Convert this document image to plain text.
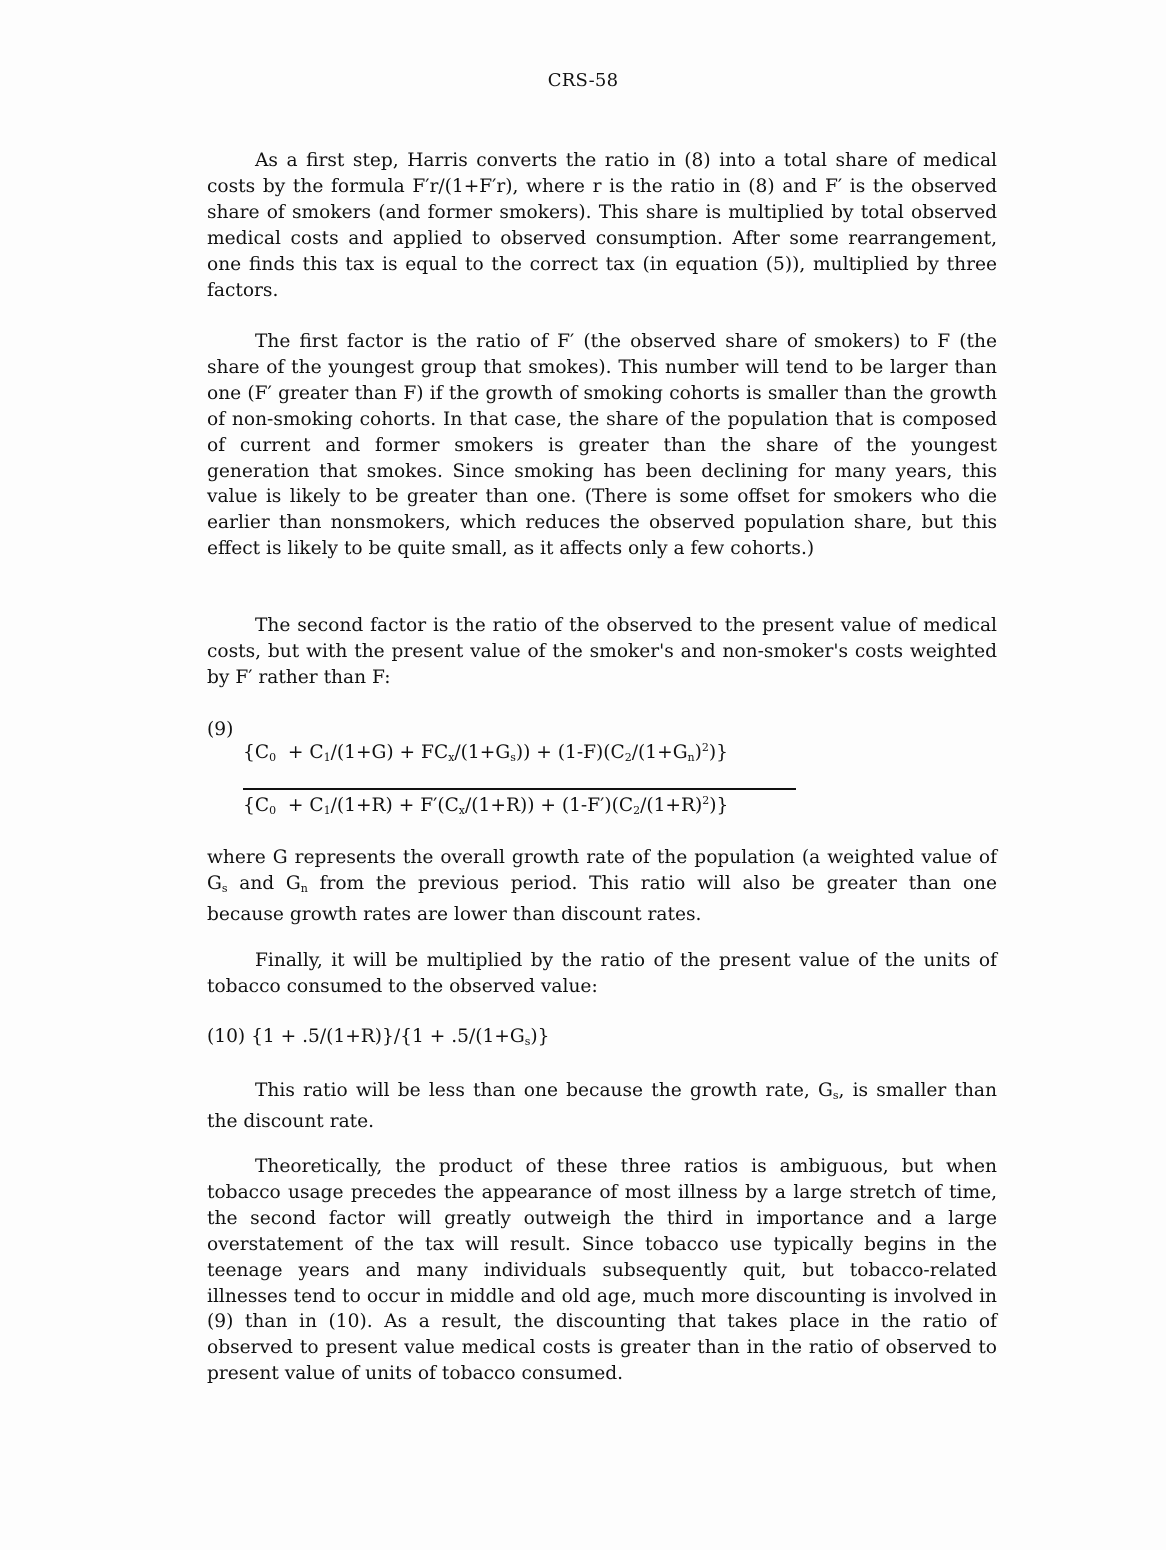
CRS-58

As a first step, Harris converts the ratio in (8) into a total share of medical costs by the formula F′r/(1+F′r), where r is the ratio in (8) and F′ is the observed share of smokers (and former smokers). This share is multiplied by total observed medical costs and applied to observed consumption. After some rearrangement, one finds this tax is equal to the correct tax (in equation (5)), multiplied by three factors.

The first factor is the ratio of F′ (the observed share of smokers) to F (the share of the youngest group that smokes). This number will tend to be larger than one (F′ greater than F) if the growth of smoking cohorts is smaller than the growth of non-smoking cohorts. In that case, the share of the population that is composed of current and former smokers is greater than the share of the youngest generation that smokes. Since smoking has been declining for many years, this value is likely to be greater than one. (There is some offset for smokers who die earlier than nonsmokers, which reduces the observed population share, but this effect is likely to be quite small, as it affects only a few cohorts.)

The second factor is the ratio of the observed to the present value of medical costs, but with the present value of the smoker's and non-smoker's costs weighted by F′ rather than F:

(9)
$\{C_0 + C_1/(1+G) + FC_x/(1+G_s)) + (1-F)(C_2/(1+G_n)^2)$}
$\{C_0 + C_1/(1+R) + F'(C_x/(1+R)) + (1-F')(C_2/(1+R)^2)\}$

where G represents the overall growth rate of the population (a weighted value of $G_s$ and $G_n$ from the previous period. This ratio will also be greater than one because growth rates are lower than discount rates.

Finally, it will be multiplied by the ratio of the present value of the units of tobacco consumed to the observed value:

(10) $\{1 + .5/(1+R)\}/\{1 + .5/(1+G_s)\}$

This ratio will be less than one because the growth rate, $G_s$, is smaller than the discount rate.

Theoretically, the product of these three ratios is ambiguous, but when tobacco usage precedes the appearance of most illness by a large stretch of time, the second factor will greatly outweigh the third in importance and a large overstatement of the tax will result. Since tobacco use typically begins in the teenage years and many individuals subsequently quit, but tobacco-related illnesses tend to occur in middle and old age, much more discounting is involved in (9) than in (10). As a result, the discounting that takes place in the ratio of observed to present value medical costs is greater than in the ratio of observed to present value of units of tobacco consumed.
